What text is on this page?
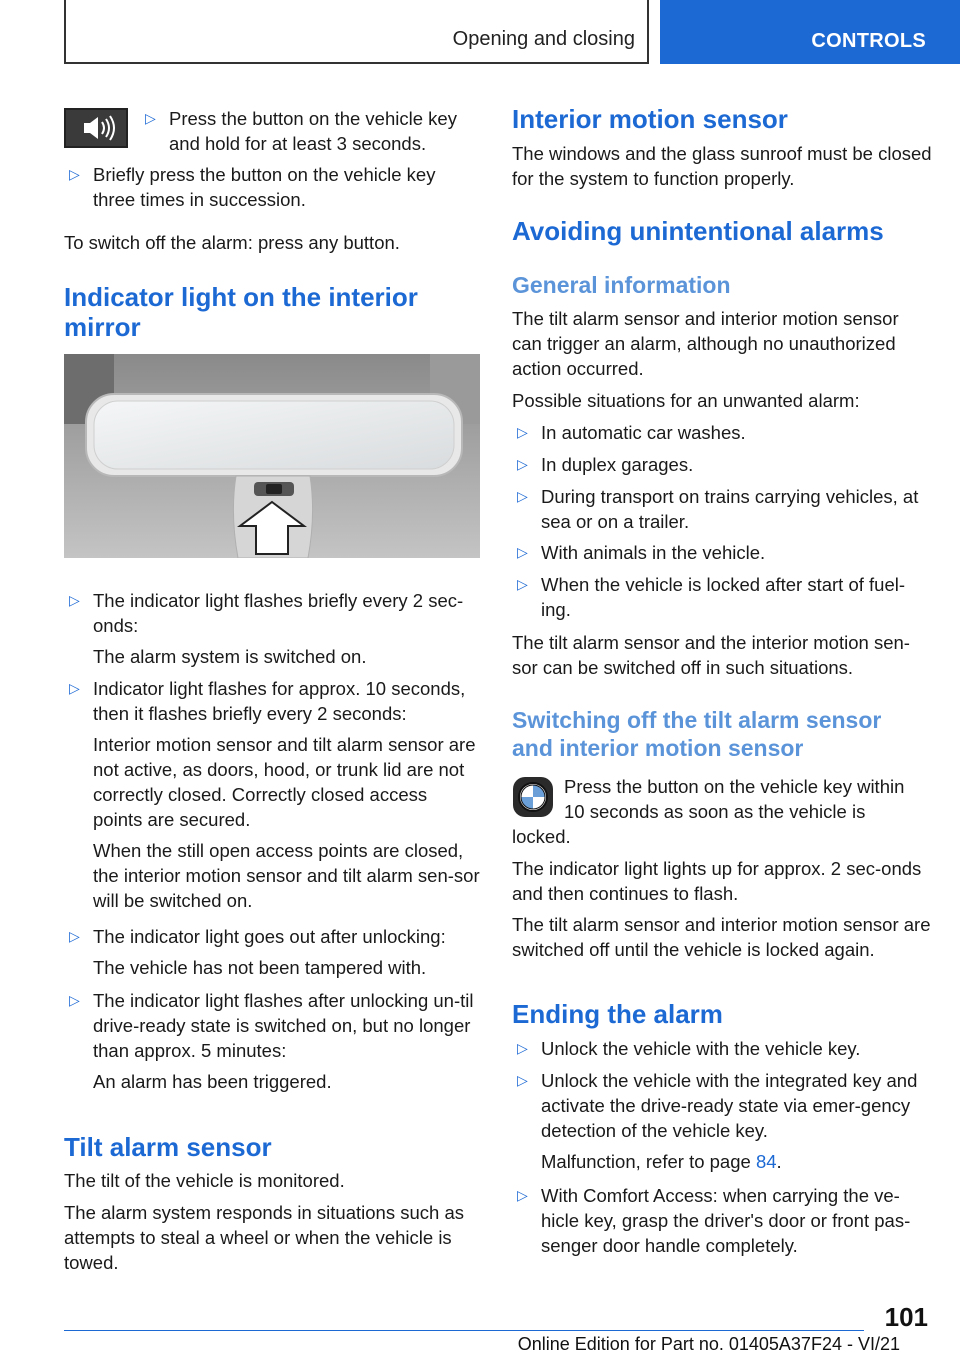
Opening and closing	CONTROLS
▷ Press the button on the vehicle key and hold for at least 3 seconds.
▷ Briefly press the button on the vehicle key three times in succession.

To switch off the alarm: press any button.

Indicator light on the interior
mirror
▷ The indicator light flashes briefly every 2 sec‐onds:
The alarm system is switched on.
▷ Indicator light flashes for approx. 10 seconds, then it flashes briefly every 2 seconds:
Interior motion sensor and tilt alarm sensor are not active, as doors, hood, or trunk lid are not correctly closed. Correctly closed access points are secured.
When the still open access points are closed, the interior motion sensor and tilt alarm sen‐sor will be switched on.
▷ The indicator light goes out after unlocking:
The vehicle has not been tampered with.
▷ The indicator light flashes after unlocking un‐til drive-ready state is switched on, but no longer than approx. 5 minutes:
An alarm has been triggered.
Tilt alarm sensor

The tilt of the vehicle is monitored.

The alarm system responds in situations such as attempts to steal a wheel or when the vehicle is towed.

Interior motion sensor

The windows and the glass sunroof must be closed for the system to function properly.

Avoiding unintentional alarms
General information

The tilt alarm sensor and interior motion sensor can trigger an alarm, although no unauthorized action occurred.

Possible situations for an unwanted alarm:

▷ In automatic car washes.
▷ In duplex garages.
▷ During transport on trains carrying vehicles, at sea or on a trailer.
▷ With animals in the vehicle.
▷ When the vehicle is locked after start of fuel‐ing.

The tilt alarm sensor and the interior motion sen‐sor can be switched off in such situations.

Switching off the tilt alarm sensor
and interior motion sensor

Press the button on the vehicle key within

10 seconds as soon as the vehicle is

locked.

The indicator light lights up for approx. 2 sec‐onds and then continues to flash.

The tilt alarm sensor and interior motion sensor are switched off until the vehicle is locked again.

Ending the alarm
▷ Unlock the vehicle with the vehicle key.
▷ Unlock the vehicle with the integrated key and activate the drive-ready state via emer‐gency detection of the vehicle key.
Malfunction, refer to page 84.
▷ With Comfort Access: when carrying the ve‐hicle key, grasp the driver's door or front pas‐senger door handle completely.
101
Online Edition for Part no. 01405A37F24 - VI/21
